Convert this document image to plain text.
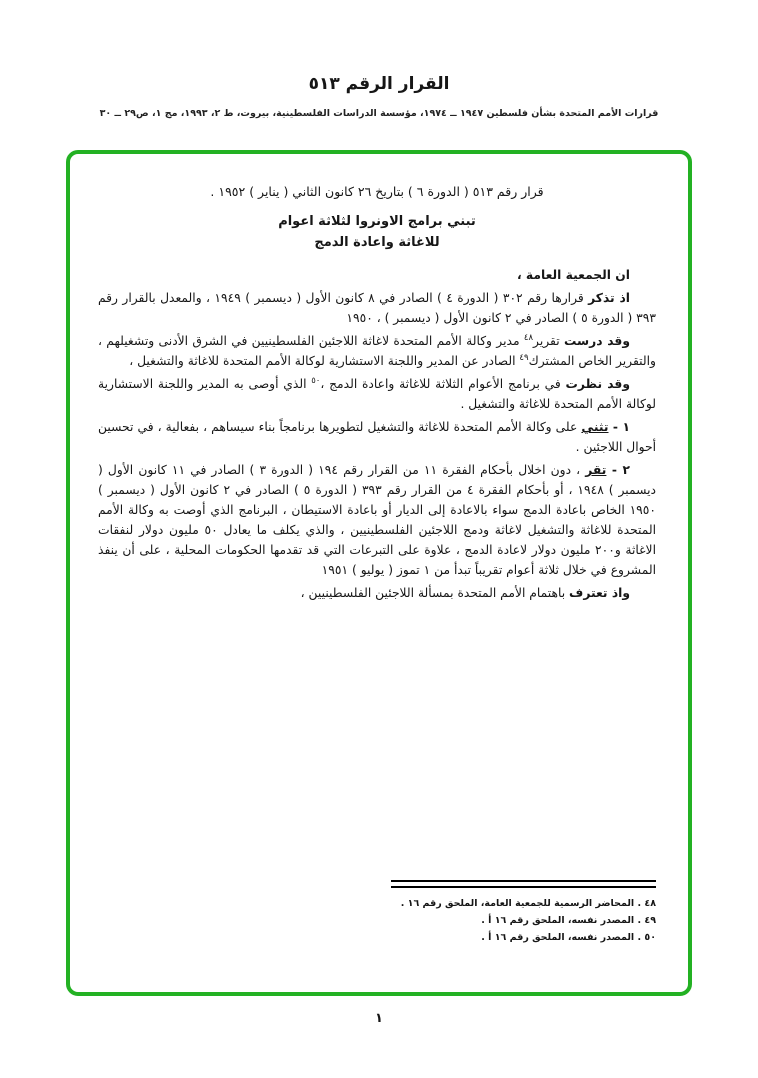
القرار الرقم ٥١٣
قرارات الأمم المتحدة بشأن فلسطين ١٩٤٧ ــ ١٩٧٤، مؤسسة الدراسات الفلسطينية، بيروت، ط ٢، ١٩٩٣، مج ١، ص٢٩ ــ ٣٠

قرار رقم ٥١٣ ( الدورة ٦ ) بتاريخ ٢٦ كانون الثاني ( يناير ) ١٩٥٢ .

تبني برامج الاونروا لثلاثة اعوام

للاغاثة واعادة الدمج

ان الجمعية العامة ،

اذ تذكر قرارها رقم ٣٠٢ ( الدورة ٤ ) الصادر في ٨ كانون الأول ( ديسمبر ) ١٩٤٩ ، والمعدل بالقرار رقم ٣٩٣ ( الدورة ٥ ) الصادر في ٢ كانون الأول ( ديسمبر ) ، ١٩٥٠

وقد درست تقرير$^{٤٨}$ مدير وكالة الأمم المتحدة لاغاثة اللاجئين الفلسطينيين في الشرق الأدنى وتشغيلهم ، والتقرير الخاص المشترك$^{٤٩}$ الصادر عن المدير واللجنة الاستشارية لوكالة الأمم المتحدة للاغاثة والتشغيل ،

وقد نظرت في برنامج الأعوام الثلاثة للاغاثة واعادة الدمج ،$^{٥٠}$ الذي أوصى به المدير واللجنة الاستشارية لوكالة الأمم المتحدة للاغاثة والتشغيل .

١ - تثني على وكالة الأمم المتحدة للاغاثة والتشغيل لتطويرها برنامجاً بناء سيساهم ، بفعالية ، في تحسين أحوال اللاجئين .

٢ - تقر ، دون اخلال بأحكام الفقرة ١١ من القرار رقم ١٩٤ ( الدورة ٣ ) الصادر في ١١ كانون الأول ( ديسمبر ) ١٩٤٨ ، أو بأحكام الفقرة ٤ من القرار رقم ٣٩٣ ( الدورة ٥ ) الصادر في ٢ كانون الأول ( ديسمبر ) ١٩٥٠ الخاص باعادة الدمج سواء بالاعادة إلى الديار أو باعادة الاستيطان ، البرنامج الذي أوصت به وكالة الأمم المتحدة للاغاثة والتشغيل لاغاثة ودمج اللاجئين الفلسطينيين ، والذي يكلف ما يعادل ٥٠ مليون دولار لنفقات الاغاثة و٢٠٠ مليون دولار لاعادة الدمج ، علاوة على التبرعات التي قد تقدمها الحكومات المحلية ، على أن ينفذ المشروع في خلال ثلاثة أعوام تقريباً تبدأ من ١ تموز ( يوليو ) ١٩٥١

واذ تعترف باهتمام الأمم المتحدة بمسألة اللاجئين الفلسطينيين ،

٤٨ . المحاضر الرسمية للجمعية العامة، الملحق رقم ١٦ .
٤٩ . المصدر نفسه، الملحق رقم ١٦ أ .
٥٠ . المصدر نفسه، الملحق رقم ١٦ أ .
١
